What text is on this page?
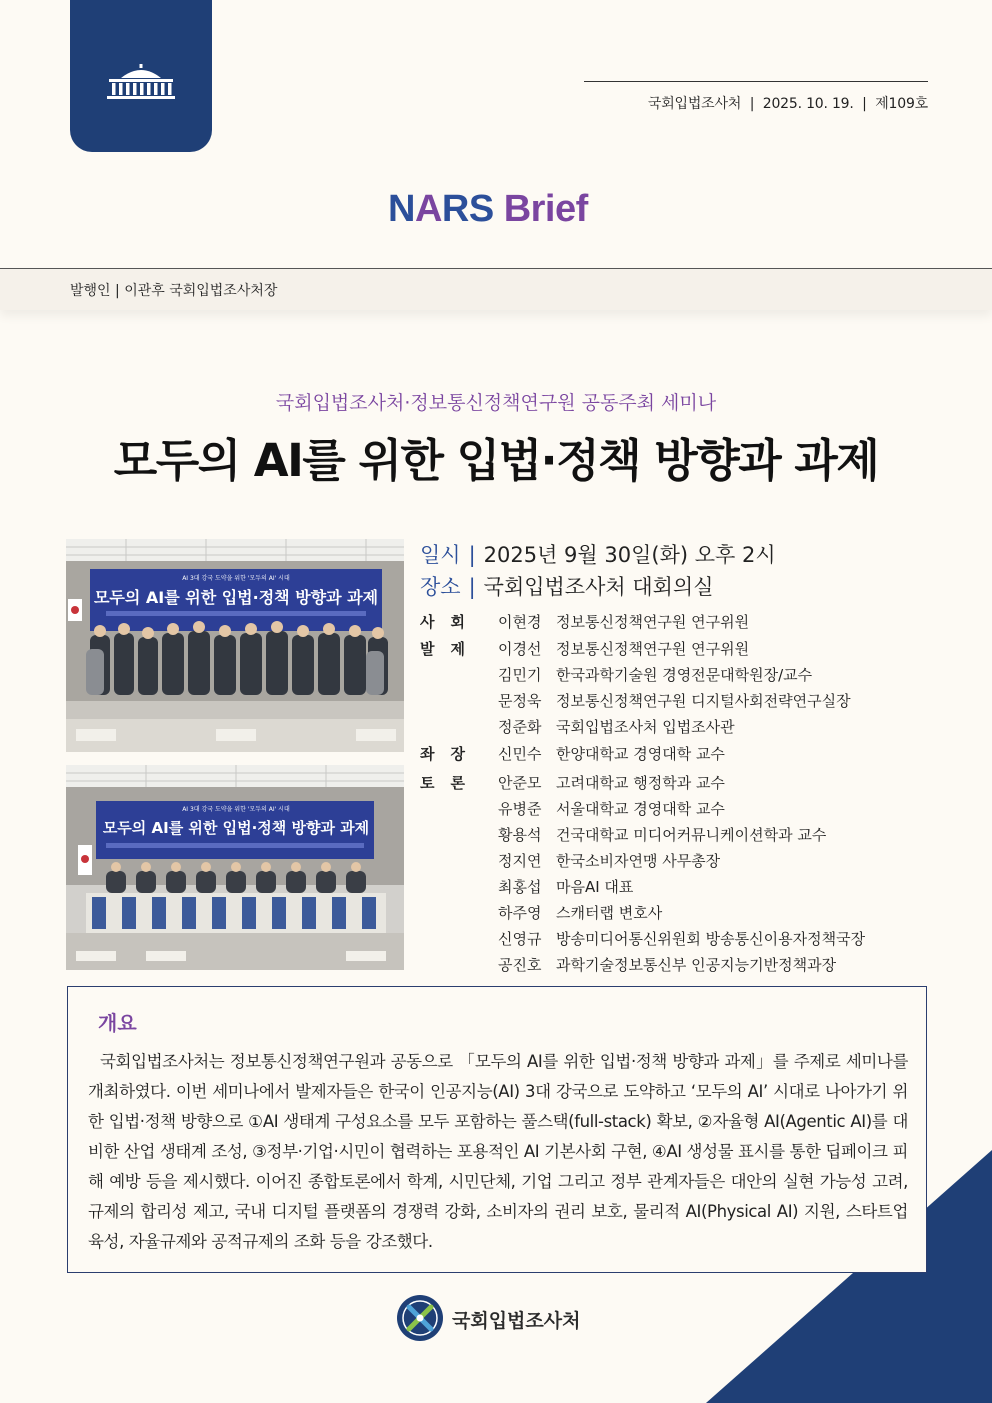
국회입법조사처  |  2025. 10. 19.  |  제109호
NARS Brief
발행인 | 이관후 국회입법조사처장
국회입법조사처·정보통신정책연구원 공동주최 세미나
모두의 AI를 위한 입법·정책 방향과 과제
AI 3대 강국 도약을 위한 '모두의 AI' 시대
모두의 AI를 위한 입법·정책 방향과 과제
AI 3대 강국 도약을 위한 '모두의 AI' 시대
모두의 AI를 위한 입법·정책 방향과 과제
일시 | 2025년 9월 30일(화) 오후 2시
장소 | 국회입법조사처 대회의실
사회
발제
좌장
토론
이현경 정보통신정책연구원 연구위원
이경선 정보통신정책연구원 연구위원
김민기 한국과학기술원 경영전문대학원장/교수
문정욱 정보통신정책연구원 디지털사회전략연구실장
정준화 국회입법조사처 입법조사관
신민수 한양대학교 경영대학 교수
안준모 고려대학교 행정학과 교수
유병준 서울대학교 경영대학 교수
황용석 건국대학교 미디어커뮤니케이션학과 교수
정지연 한국소비자연맹 사무총장
최홍섭 마음AI 대표
하주영 스캐터랩 변호사
신영규 방송미디어통신위원회 방송통신이용자정책국장
공진호 과학기술정보통신부 인공지능기반정책과장
개요

국회입법조사처는 정보통신정책연구원과 공동으로 「모두의 AI를 위한 입법·정책 방향과 과제」를 주제로 세미나를 개최하였다. 이번 세미나에서 발제자들은 한국이 인공지능(AI) 3대 강국으로 도약하고 ‘모두의 AI’ 시대로 나아가기 위한 입법·정책 방향으로 ①AI 생태계 구성요소를 모두 포함하는 풀스택(full-stack) 확보, ②자율형 AI(Agentic AI)를 대비한 산업 생태계 조성, ③정부·기업·시민이 협력하는 포용적인 AI 기본사회 구현, ④AI 생성물 표시를 통한 딥페이크 피해 예방 등을 제시했다. 이어진 종합토론에서 학계, 시민단체, 기업 그리고 정부 관계자들은 대안의 실현 가능성 고려, 규제의 합리성 제고, 국내 디지털 플랫폼의 경쟁력 강화, 소비자의 권리 보호, 물리적 AI(Physical AI) 지원, 스타트업 육성, 자율규제와 공적규제의 조화 등을 강조했다.

국회입법조사처
